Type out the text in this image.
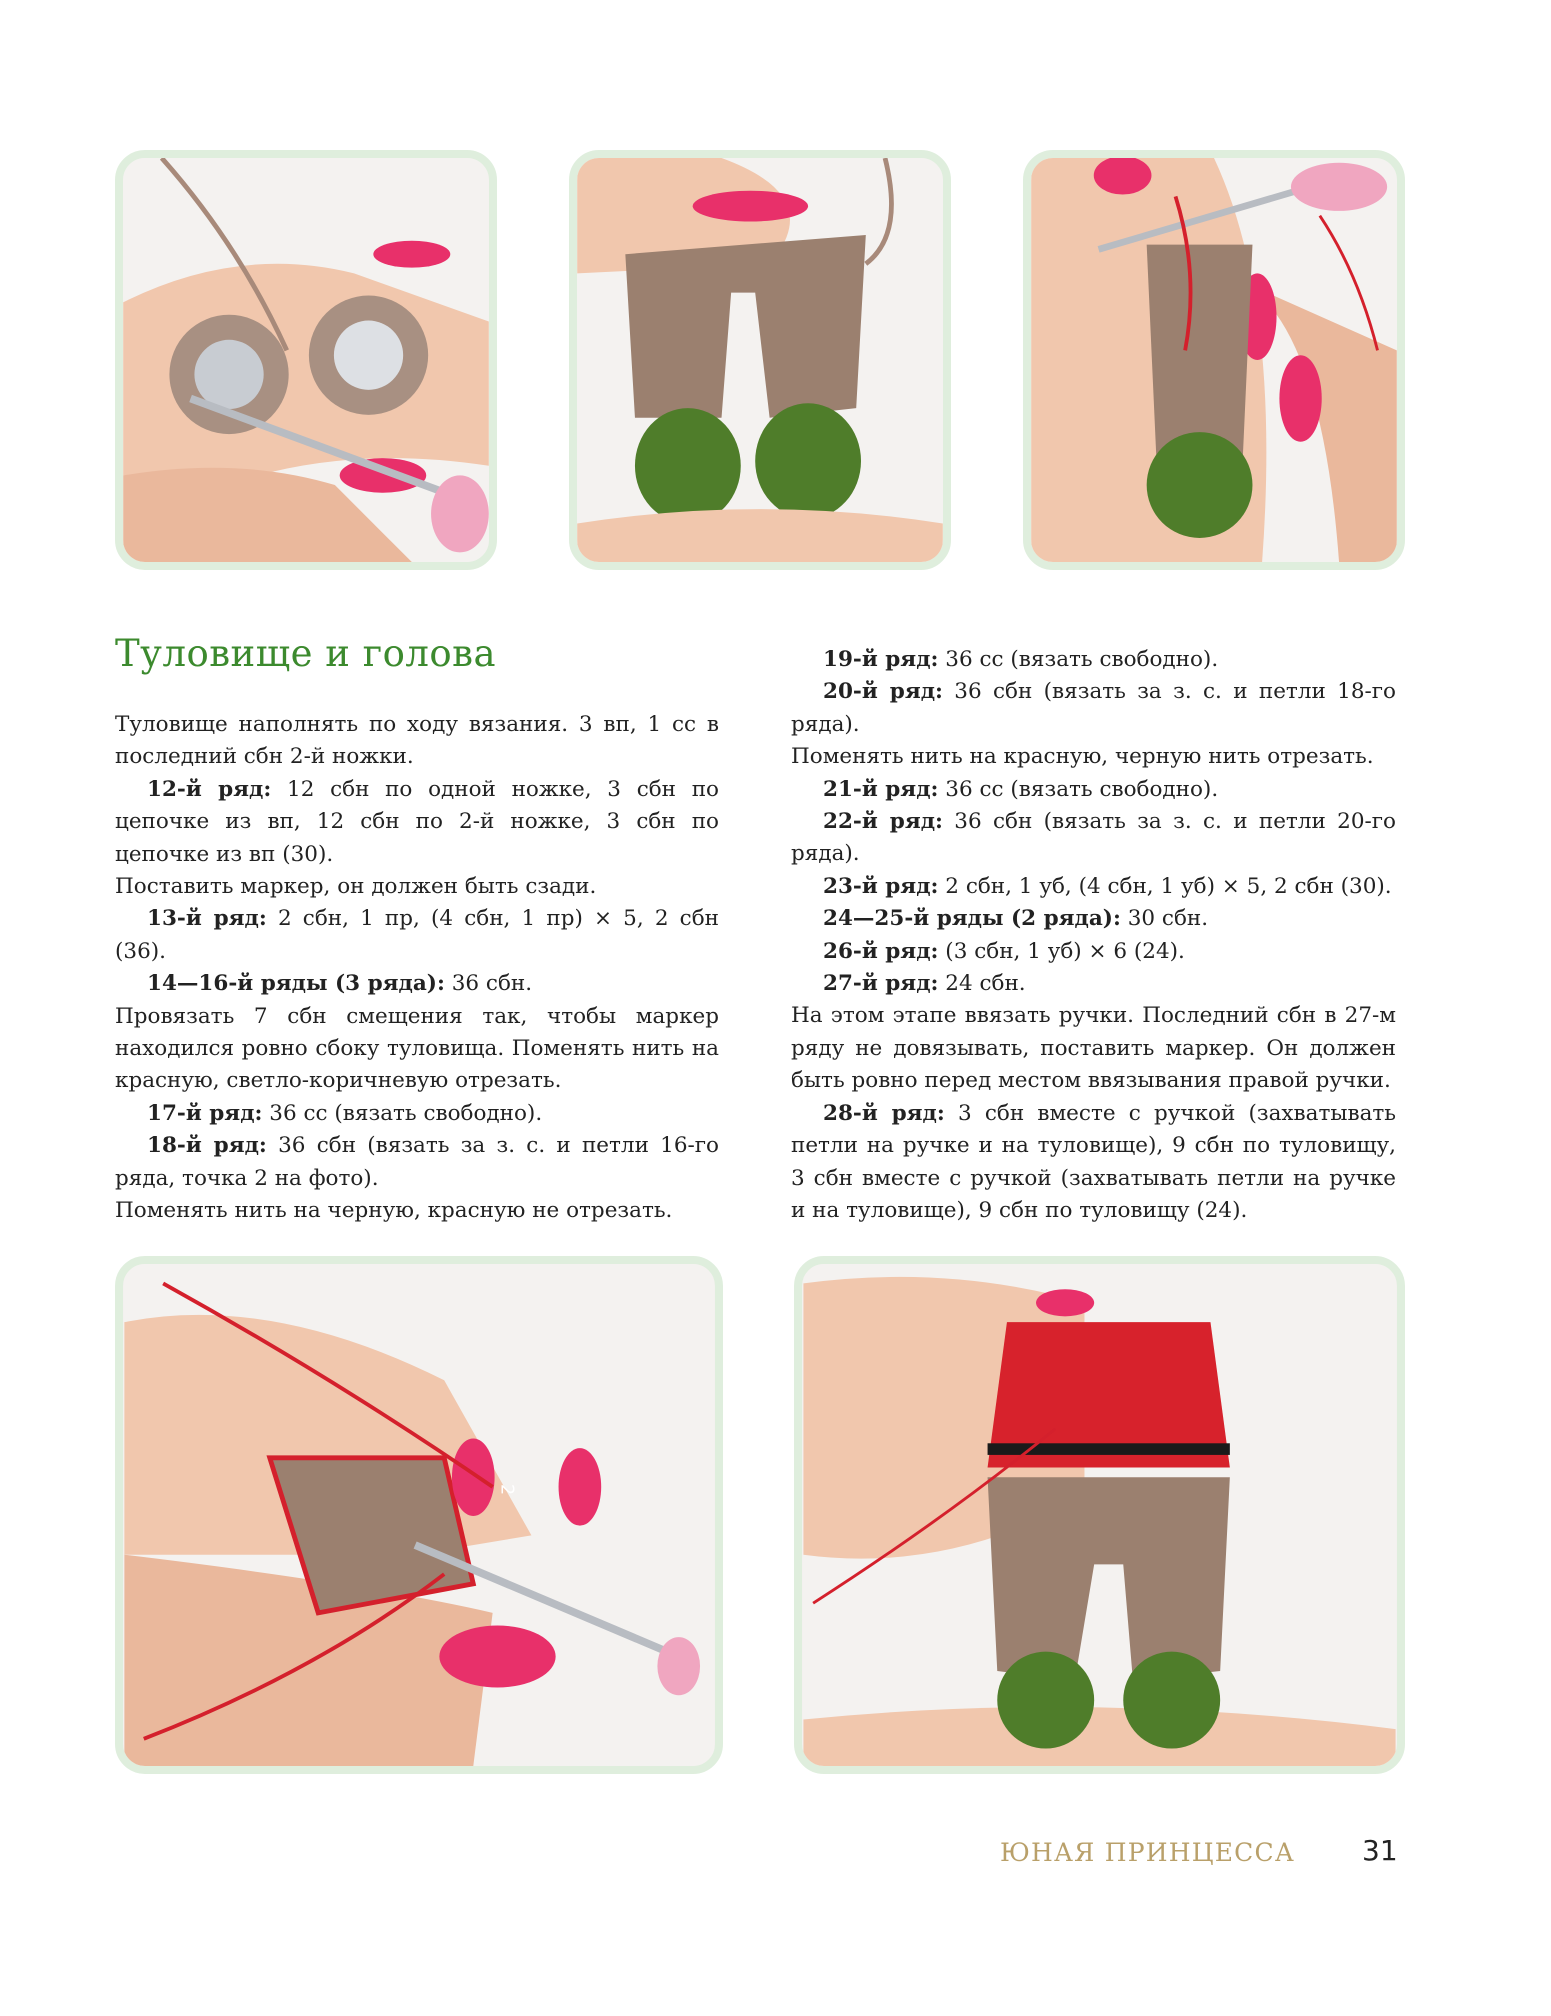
Туловище и голова

Туловище наполнять по ходу вязания. 3 вп, 1 сс в последний сбн 2-й ножки.

12-й ряд: 12 сбн по одной ножке, 3 сбн по цепочке из вп, 12 сбн по 2-й ножке, 3 сбн по цепочке из вп (30).

Поставить маркер, он должен быть сзади.

13-й ряд: 2 сбн, 1 пр, (4 сбн, 1 пр) × 5, 2 сбн (36).

14—16-й ряды (3 ряда): 36 сбн.

Провязать 7 сбн смещения так, чтобы маркер находился ровно сбоку туловища. Поменять нить на красную, светло-коричневую отрезать.

17-й ряд: 36 сс (вязать свободно).

18-й ряд: 36 сбн (вязать за з. с. и петли 16-го ряда, точка 2 на фото).

Поменять нить на черную, красную не отрезать.

19-й ряд: 36 сс (вязать свободно).

20-й ряд: 36 сбн (вязать за з. с. и петли 18-го ряда).

Поменять нить на красную, черную нить отрезать.

21-й ряд: 36 сс (вязать свободно).

22-й ряд: 36 сбн (вязать за з. с. и петли 20-го ряда).

23-й ряд: 2 сбн, 1 уб, (4 сбн, 1 уб) × 5, 2 сбн (30).

24—25-й ряды (2 ряда): 30 сбн.

26-й ряд: (3 сбн, 1 уб) × 6 (24).

27-й ряд: 24 сбн.

На этом этапе ввязать ручки. Последний сбн в 27-м ряду не довязывать, поставить маркер. Он должен быть ровно перед местом ввязывания правой ручки.

28-й ряд: 3 сбн вместе с ручкой (захватывать петли на ручке и на туловище), 9 сбн по туловищу, 3 сбн вместе с ручкой (захватывать петли на ручке и на туловище), 9 сбн по туловищу (24).

2
ЮНАЯ ПРИНЦЕССА 31
